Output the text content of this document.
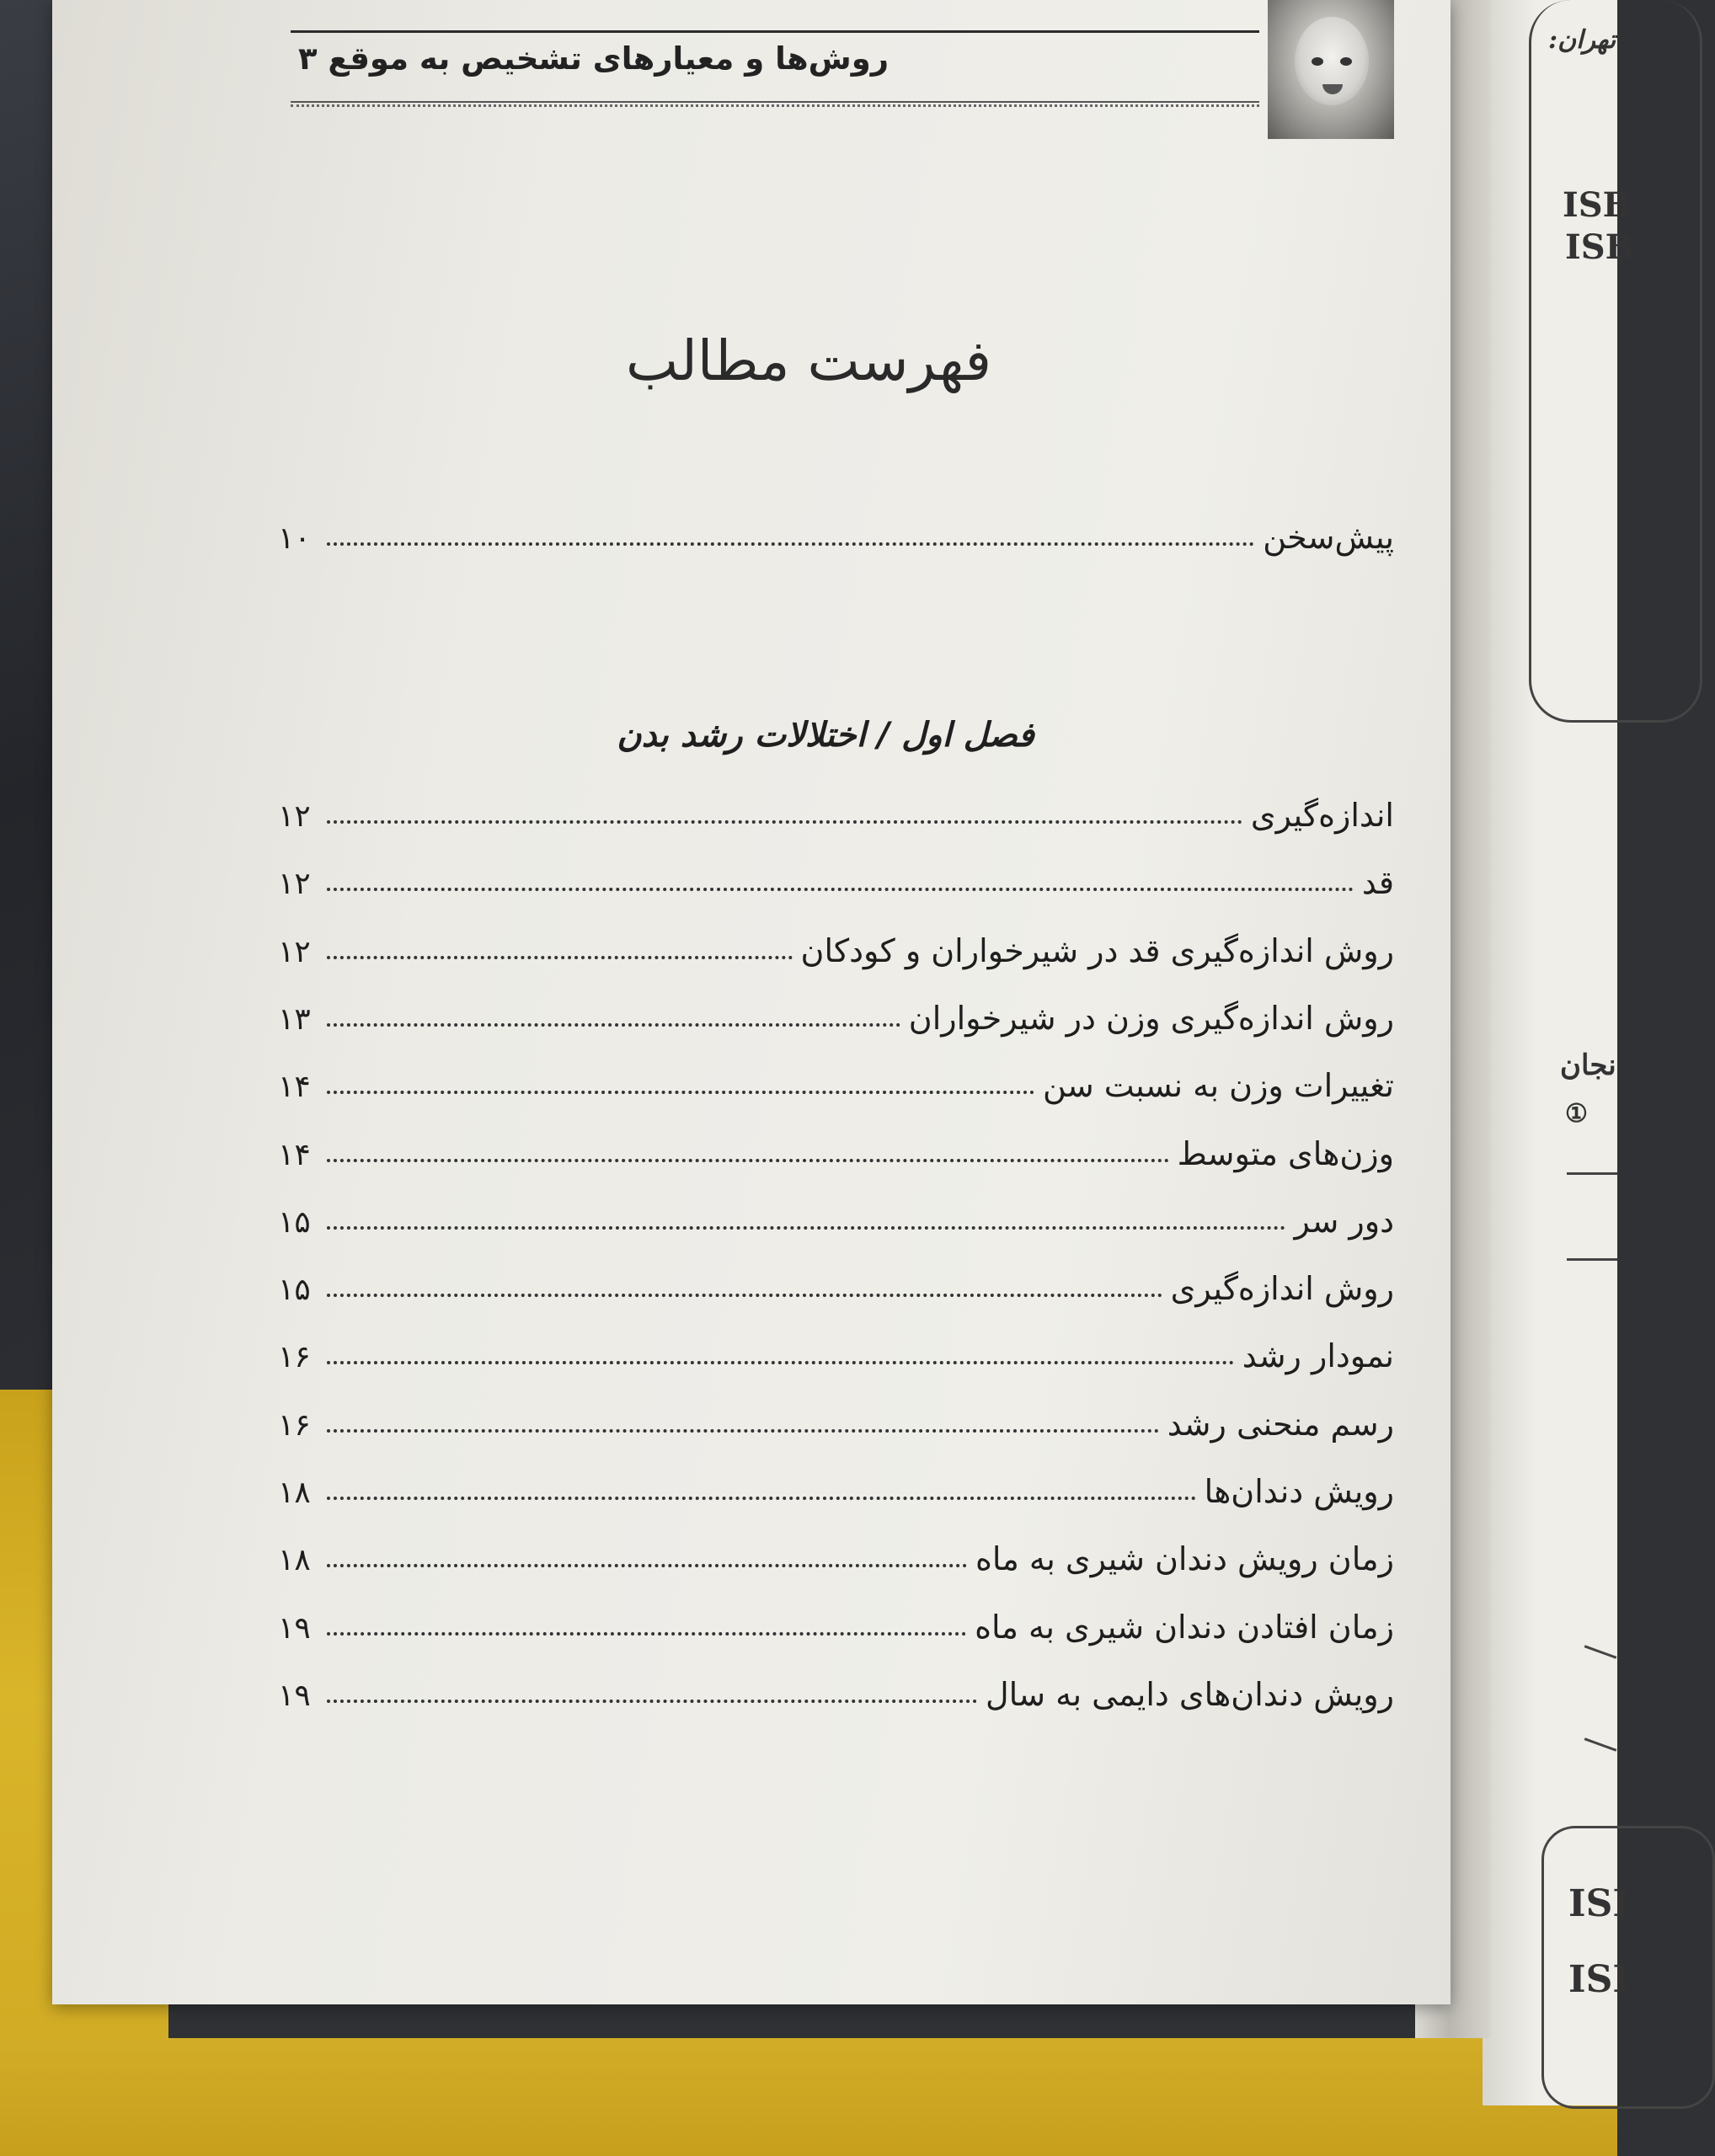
تهران:
ISB
ISB
نجان
①
ISI
ISI
روش‌ها و معیارهای تشخیص به موقع ۳
فهرست مطالب
پیش‌سخن
۱۰
فصل اول / اختلالات رشد بدن
اندازه‌گیری
۱۲
قد
۱۲
روش اندازه‌گیری قد در شیرخواران و کودکان
۱۲
روش اندازه‌گیری وزن در شیرخواران
۱۳
تغییرات وزن به نسبت سن
۱۴
وزن‌های متوسط
۱۴
دور سر
۱۵
روش اندازه‌گیری
۱۵
نمودار رشد
۱۶
رسم منحنی رشد
۱۶
رویش دندان‌ها
۱۸
زمان رویش دندان شیری به ماه
۱۸
زمان افتادن دندان شیری به ماه
۱۹
رویش دندان‌های دایمی به سال
۱۹
